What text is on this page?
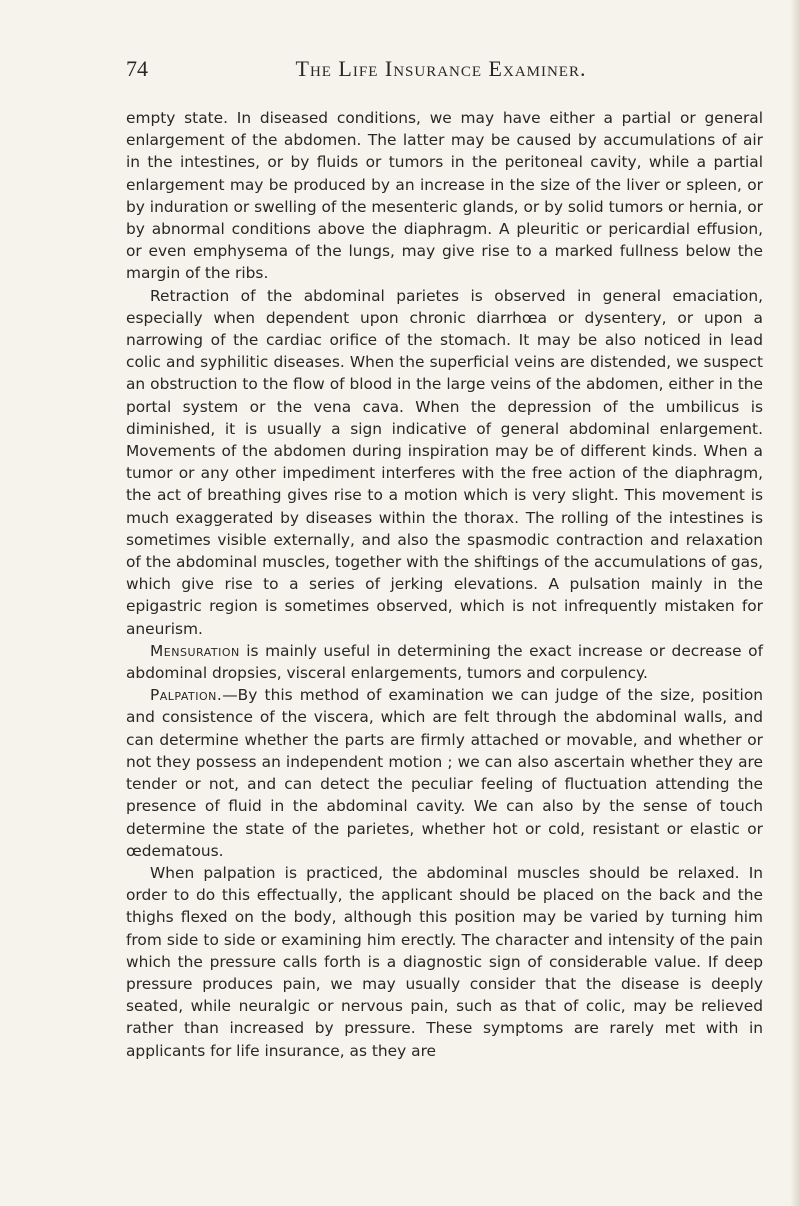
74	The Life Insurance Examiner.

empty state. In diseased conditions, we may have either a partial or general enlargement of the abdomen. The latter may be caused by accumulations of air in the intestines, or by fluids or tumors in the peritoneal cavity, while a partial enlargement may be produced by an increase in the size of the liver or spleen, or by induration or swelling of the mesenteric glands, or by solid tumors or hernia, or by abnormal conditions above the diaphragm. A pleuritic or pericardial effusion, or even emphysema of the lungs, may give rise to a marked fullness below the margin of the ribs.

Retraction of the abdominal parietes is observed in general emaciation, especially when dependent upon chronic diarrhœa or dysentery, or upon a narrowing of the cardiac orifice of the stomach. It may be also noticed in lead colic and syphilitic diseases. When the superficial veins are distended, we suspect an obstruction to the flow of blood in the large veins of the abdomen, either in the portal system or the vena cava. When the depression of the umbilicus is diminished, it is usually a sign indicative of general abdominal enlargement. Movements of the abdomen during inspiration may be of different kinds. When a tumor or any other impediment interferes with the free action of the diaphragm, the act of breathing gives rise to a motion which is very slight. This movement is much exaggerated by diseases within the thorax. The rolling of the intestines is sometimes visible externally, and also the spasmodic contraction and relaxation of the abdominal muscles, together with the shiftings of the accumulations of gas, which give rise to a series of jerking elevations. A pulsation mainly in the epigastric region is sometimes observed, which is not infrequently mistaken for aneurism.

Mensuration is mainly useful in determining the exact increase or decrease of abdominal dropsies, visceral enlargements, tumors and corpulency.

Palpation.—By this method of examination we can judge of the size, position and consistence of the viscera, which are felt through the abdominal walls, and can determine whether the parts are firmly attached or movable, and whether or not they possess an independent motion ; we can also ascertain whether they are tender or not, and can detect the peculiar feeling of fluctuation attending the presence of fluid in the abdominal cavity. We can also by the sense of touch determine the state of the parietes, whether hot or cold, resistant or elastic or œdematous.

When palpation is practiced, the abdominal muscles should be relaxed. In order to do this effectually, the applicant should be placed on the back and the thighs flexed on the body, although this position may be varied by turning him from side to side or examining him erectly. The character and intensity of the pain which the pressure calls forth is a diagnostic sign of considerable value. If deep pressure produces pain, we may usually consider that the disease is deeply seated, while neuralgic or nervous pain, such as that of colic, may be relieved rather than increased by pressure. These symptoms are rarely met with in applicants for life insurance, as they are
